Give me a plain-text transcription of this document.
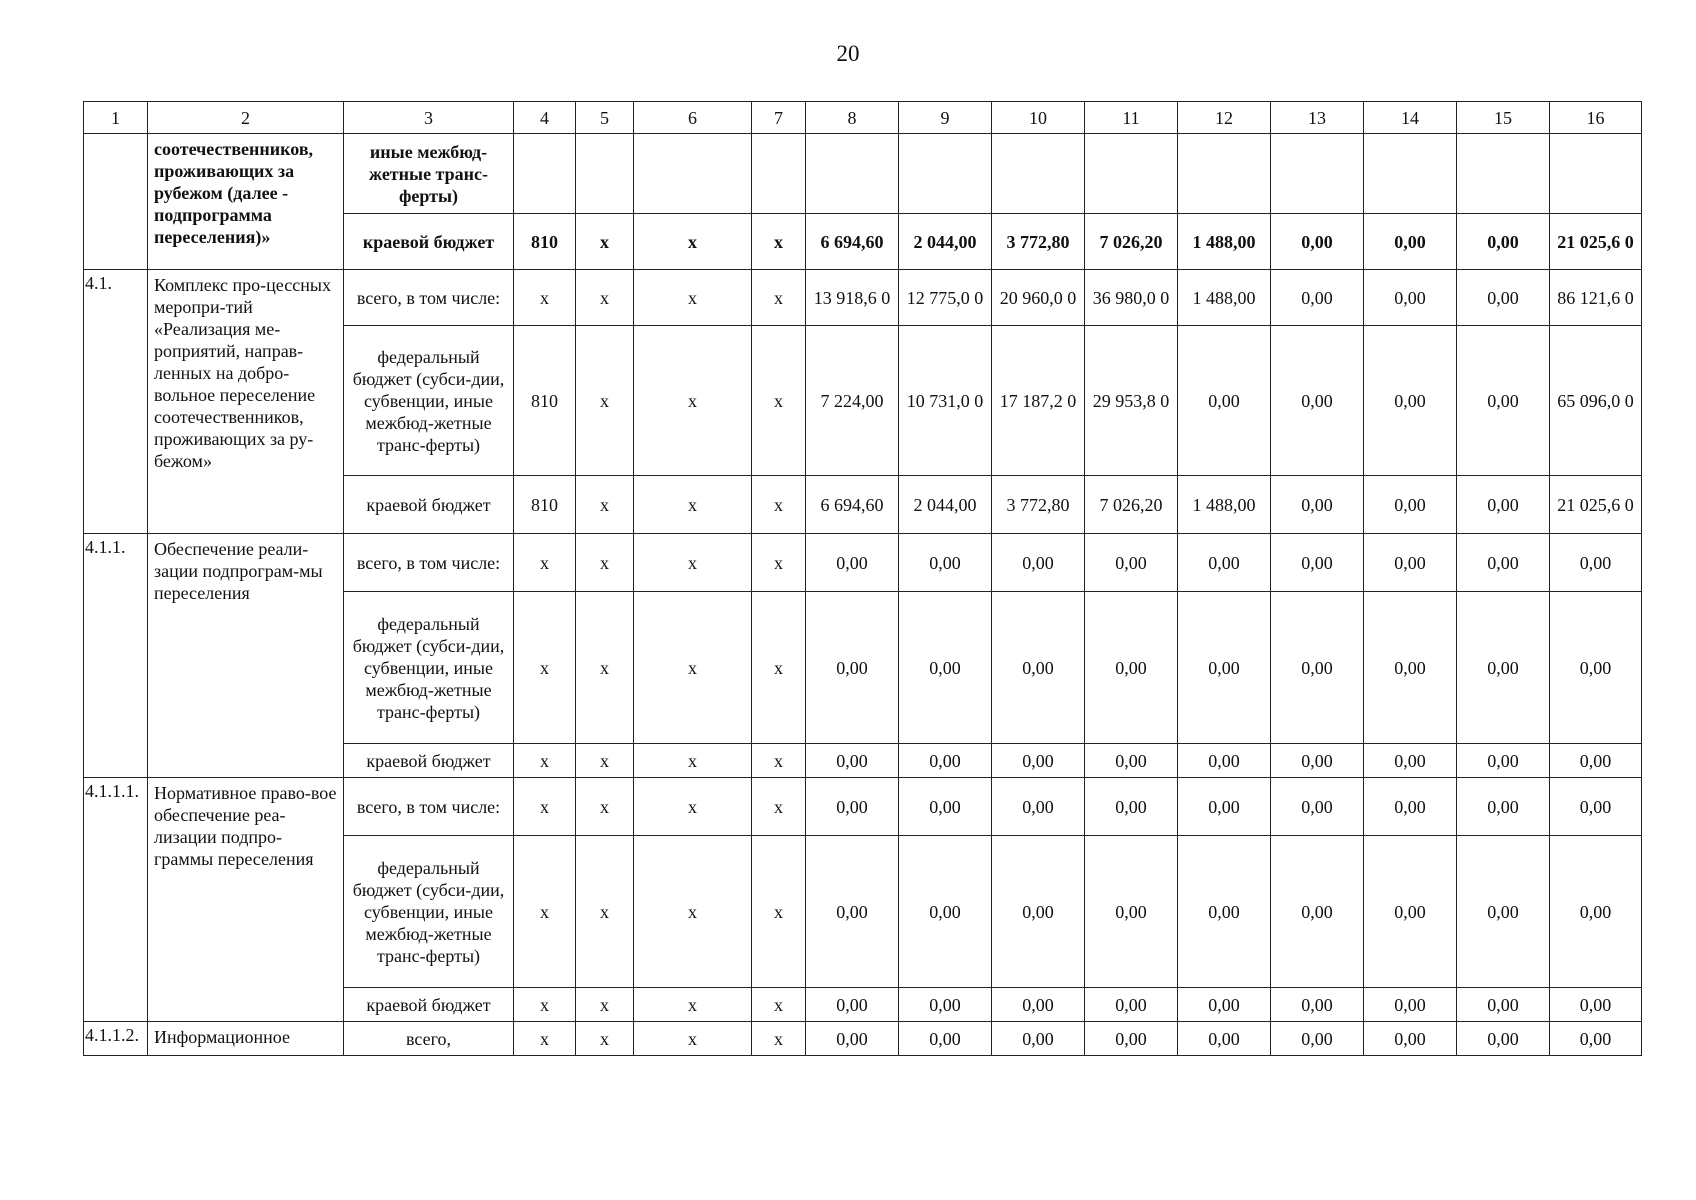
20
1	2	3	4	5	6	7	8	9	10	11	12	13	14	15	16
	соотечественников, проживающих за рубежом (далее - подпрограмма переселения)»	иные межбюд-жетные транс-ферты)													
		краевой бюджет	810	x	x	x	6 694,60	2 044,00	3 772,80	7 026,20	1 488,00	0,00	0,00	0,00	21 025,6 0
4.1.	Комплекс про-цессных меропри-тий «Реализация ме-роприятий, направ-ленных на добро-вольное переселение соотечественников, проживающих за ру-бежом»	всего, в том числе:	x	x	x	x	13 918,6 0	12 775,0 0	20 960,0 0	36 980,0 0	1 488,00	0,00	0,00	0,00	86 121,6 0
		федеральный бюджет (субси-дии, субвенции, иные межбюд-жетные транс-ферты)	810	x	x	x	7 224,00	10 731,0 0	17 187,2 0	29 953,8 0	0,00	0,00	0,00	0,00	65 096,0 0
		краевой бюджет	810	x	x	x	6 694,60	2 044,00	3 772,80	7 026,20	1 488,00	0,00	0,00	0,00	21 025,6 0
4.1.1.	Обеспечение реали-зации подпрограм-мы переселения	всего, в том числе:	x	x	x	x	0,00	0,00	0,00	0,00	0,00	0,00	0,00	0,00	0,00
		федеральный бюджет (субси-дии, субвенции, иные межбюд-жетные транс-ферты)	x	x	x	x	0,00	0,00	0,00	0,00	0,00	0,00	0,00	0,00	0,00
		краевой бюджет	x	x	x	x	0,00	0,00	0,00	0,00	0,00	0,00	0,00	0,00	0,00
4.1.1.1.	Нормативное право-вое обеспечение реа-лизации подпро-граммы переселения	всего, в том числе:	x	x	x	x	0,00	0,00	0,00	0,00	0,00	0,00	0,00	0,00	0,00
		федеральный бюджет (субси-дии, субвенции, иные межбюд-жетные транс-ферты)	x	x	x	x	0,00	0,00	0,00	0,00	0,00	0,00	0,00	0,00	0,00
		краевой бюджет	x	x	x	x	0,00	0,00	0,00	0,00	0,00	0,00	0,00	0,00	0,00
4.1.1.2.	Информационное	всего,	x	x	x	x	0,00	0,00	0,00	0,00	0,00	0,00	0,00	0,00	0,00
